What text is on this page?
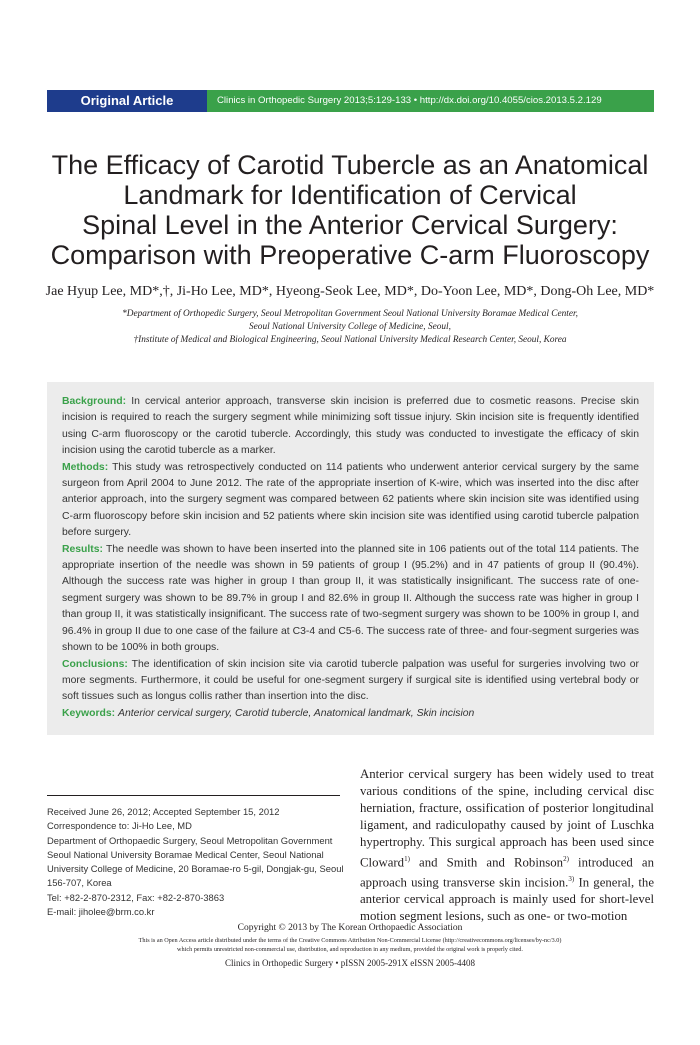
Original Article	Clinics in Orthopedic Surgery 2013;5:129-133 • http://dx.doi.org/10.4055/cios.2013.5.2.129
The Efficacy of Carotid Tubercle as an Anatomical
Landmark for Identification of Cervical
Spinal Level in the Anterior Cervical Surgery:
Comparison with Preoperative C-arm Fluoroscopy
Jae Hyup Lee, MD*,†, Ji-Ho Lee, MD*, Hyeong-Seok Lee, MD*, Do-Yoon Lee, MD*, Dong-Oh Lee, MD*
*Department of Orthopedic Surgery, Seoul Metropolitan Government Seoul National University Boramae Medical Center,
Seoul National University College of Medicine, Seoul,
†Institute of Medical and Biological Engineering, Seoul National University Medical Research Center, Seoul, Korea

Background: In cervical anterior approach, transverse skin incision is preferred due to cosmetic reasons. Precise skin incision is required to reach the surgery segment while minimizing soft tissue injury. Skin incision site is frequently identified using C-arm fluoroscopy or the carotid tubercle. Accordingly, this study was conducted to investigate the efficacy of skin incision using the carotid tubercle as a marker.

Methods: This study was retrospectively conducted on 114 patients who underwent anterior cervical surgery by the same surgeon from April 2004 to June 2012. The rate of the appropriate insertion of K-wire, which was inserted into the disc after anterior approach, into the surgery segment was compared between 62 patients where skin incision site was identified using C-arm fluoroscopy before skin incision and 52 patients where skin incision site was identified using carotid tubercle palpation before surgery.

Results: The needle was shown to have been inserted into the planned site in 106 patients out of the total 114 patients. The appropriate insertion of the needle was shown in 59 patients of group I (95.2%) and in 47 patients of group II (90.4%). Although the success rate was higher in group I than group II, it was statistically insignificant. The success rate of one-segment surgery was shown to be 89.7% in group I and 82.6% in group II. Although the success rate was higher in group I than group II, it was statistically insignificant. The success rate of two-segment surgery was shown to be 100% in group I, and 96.4% in group II due to one case of the failure at C3-4 and C5-6. The success rate of three- and four-segment surgeries was shown to be 100% in both groups.

Conclusions: The identification of skin incision site via carotid tubercle palpation was useful for surgeries involving two or more segments. Furthermore, it could be useful for one-segment surgery if surgical site is identified using vertebral body or soft tissues such as longus collis rather than insertion into the disc.

Keywords: Anterior cervical surgery, Carotid tubercle, Anatomical landmark, Skin incision

Received June 26, 2012; Accepted September 15, 2012
Correspondence to: Ji-Ho Lee, MD
Department of Orthopaedic Surgery, Seoul Metropolitan Government
Seoul National University Boramae Medical Center, Seoul National
University College of Medicine, 20 Boramae-ro 5-gil, Dongjak-gu, Seoul
156-707, Korea
Tel: +82-2-870-2312, Fax: +82-2-870-3863
E-mail: jiholee@brm.co.kr
Anterior cervical surgery has been widely used to treat various conditions of the spine, including cervical disc herniation, fracture, ossification of posterior longitudinal ligament, and radiculopathy caused by joint of Luschka hypertrophy. This surgical approach has been used since Cloward$^{1)}$ and Smith and Robinson$^{2)}$ introduced an approach using transverse skin incision.$^{3)}$ In general, the anterior cervical approach is mainly used for short-level motion segment lesions, such as one- or two-motion
Copyright © 2013 by The Korean Orthopaedic Association
This is an Open Access article distributed under the terms of the Creative Commons Attribution Non-Commercial License (http://creativecommons.org/licenses/by-nc/3.0)
which permits unrestricted non-commercial use, distribution, and reproduction in any medium, provided the original work is properly cited.
Clinics in Orthopedic Surgery • pISSN 2005-291X eISSN 2005-4408
